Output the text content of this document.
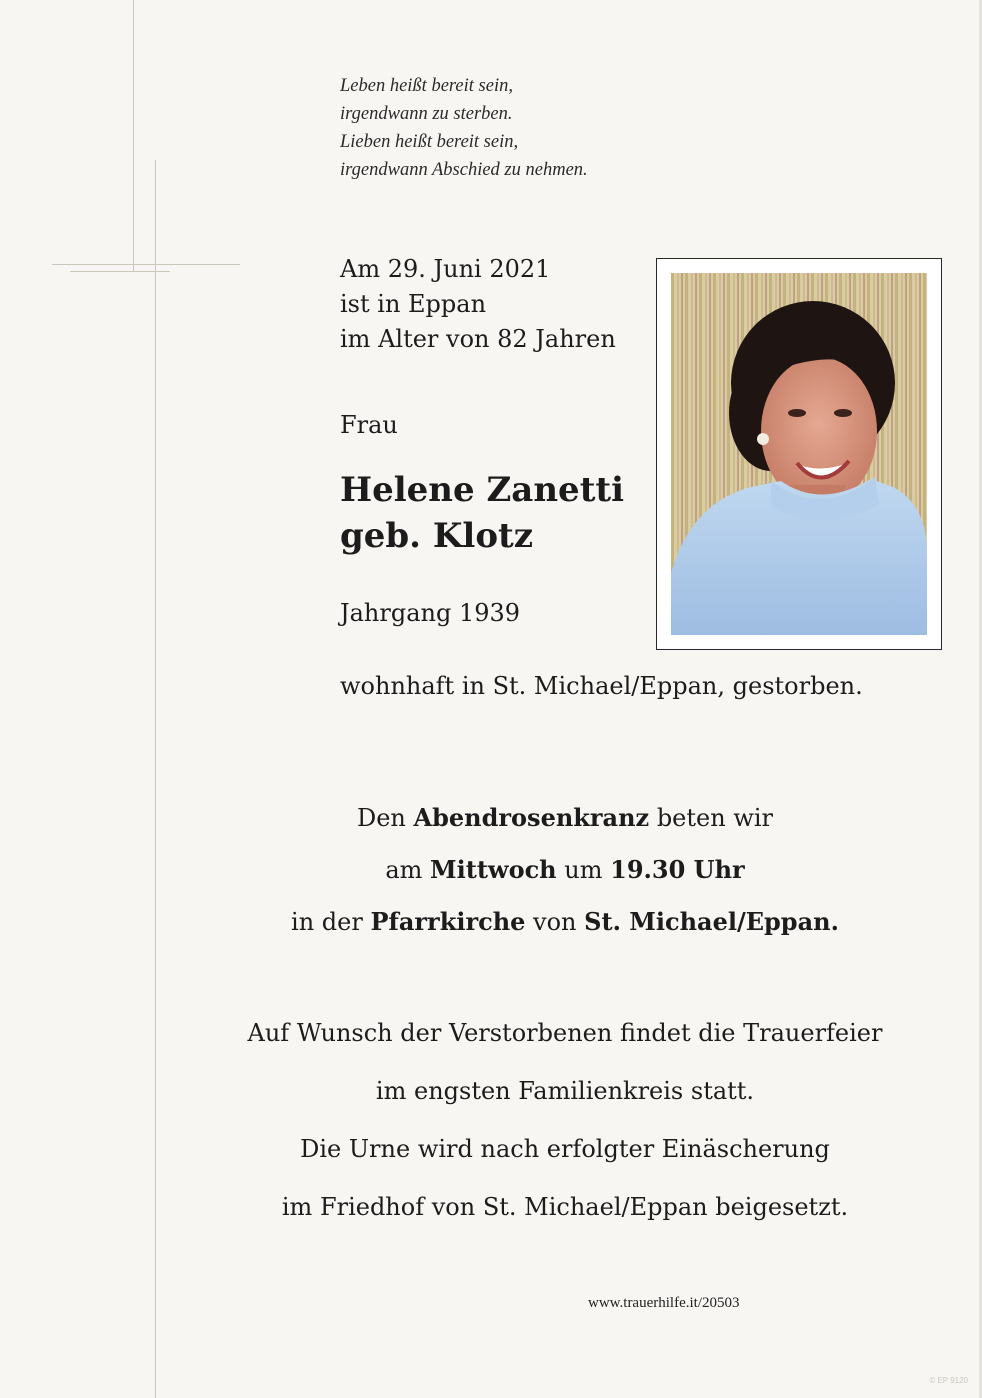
Leben heißt bereit sein,
irgendwann zu sterben.
Lieben heißt bereit sein,
irgendwann Abschied zu nehmen.
Am 29. Juni 2021
ist in Eppan
im Alter von 82 Jahren
Frau
Helene Zanetti
geb. Klotz
Jahrgang 1939
wohnhaft in St. Michael/Eppan, gestorben.
Den Abendrosenkranz beten wir
am Mittwoch um 19.30 Uhr
in der Pfarrkirche von St. Michael/Eppan.
Auf Wunsch der Verstorbenen findet die Trauerfeier
im engsten Familienkreis statt.
Die Urne wird nach erfolgter Einäscherung
im Friedhof von St. Michael/Eppan beigesetzt.
www.trauerhilfe.it/20503
© EP 9120
